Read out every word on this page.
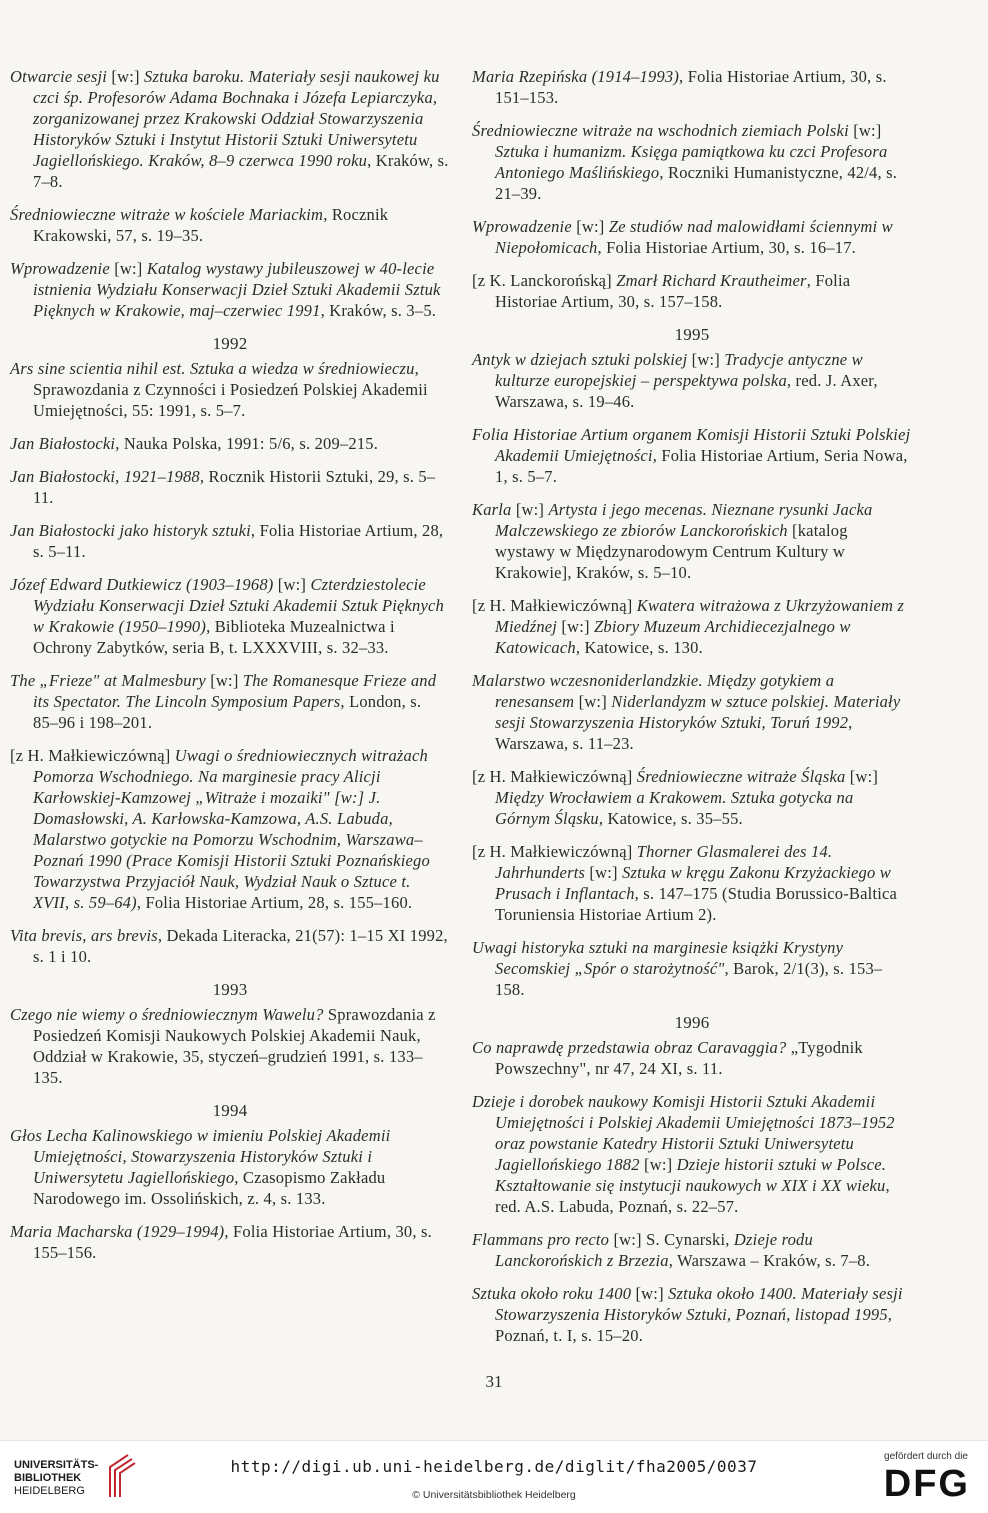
Otwarcie sesji [w:] Sztuka baroku. Materiały sesji naukowej ku czci śp. Profesorów Adama Bochnaka i Józefa Lepiarczyka, zorganizowanej przez Krakowski Oddział Stowarzyszenia Historyków Sztuki i Instytut Historii Sztuki Uniwersytetu Jagiellońskiego. Kraków, 8–9 czerwca 1990 roku, Kraków, s. 7–8.

Średniowieczne witraże w kościele Mariackim, Rocznik Krakowski, 57, s. 19–35.

Wprowadzenie [w:] Katalog wystawy jubileuszowej w 40-lecie istnienia Wydziału Konserwacji Dzieł Sztuki Akademii Sztuk Pięknych w Krakowie, maj–czerwiec 1991, Kraków, s. 3–5.

1992

Ars sine scientia nihil est. Sztuka a wiedza w średniowieczu, Sprawozdania z Czynności i Posiedzeń Polskiej Akademii Umiejętności, 55: 1991, s. 5–7.

Jan Białostocki, Nauka Polska, 1991: 5/6, s. 209–215.

Jan Białostocki, 1921–1988, Rocznik Historii Sztuki, 29, s. 5–11.

Jan Białostocki jako historyk sztuki, Folia Historiae Artium, 28, s. 5–11.

Józef Edward Dutkiewicz (1903–1968) [w:] Czterdziestolecie Wydziału Konserwacji Dzieł Sztuki Akademii Sztuk Pięknych w Krakowie (1950–1990), Biblioteka Muzealnictwa i Ochrony Zabytków, seria B, t. LXXXVIII, s. 32–33.

The „Frieze" at Malmesbury [w:] The Romanesque Frieze and its Spectator. The Lincoln Symposium Papers, London, s. 85–96 i 198–201.

[z H. Małkiewiczówną] Uwagi o średniowiecznych witrażach Pomorza Wschodniego. Na marginesie pracy Alicji Karłowskiej-Kamzowej „Witraże i mozaiki" [w:] J. Domasłowski, A. Karłowska-Kamzowa, A.S. Labuda, Malarstwo gotyckie na Pomorzu Wschodnim, Warszawa–Poznań 1990 (Prace Komisji Historii Sztuki Poznańskiego Towarzystwa Przyjaciół Nauk, Wydział Nauk o Sztuce t. XVII, s. 59–64), Folia Historiae Artium, 28, s. 155–160.

Vita brevis, ars brevis, Dekada Literacka, 21(57): 1–15 XI 1992, s. 1 i 10.

1993

Czego nie wiemy o średniowiecznym Wawelu? Sprawozdania z Posiedzeń Komisji Naukowych Polskiej Akademii Nauk, Oddział w Krakowie, 35, styczeń–grudzień 1991, s. 133–135.

1994

Głos Lecha Kalinowskiego w imieniu Polskiej Akademii Umiejętności, Stowarzyszenia Historyków Sztuki i Uniwersytetu Jagiellońskiego, Czasopismo Zakładu Narodowego im. Ossolińskich, z. 4, s. 133.

Maria Macharska (1929–1994), Folia Historiae Artium, 30, s. 155–156.

Maria Rzepińska (1914–1993), Folia Historiae Artium, 30, s. 151–153.

Średniowieczne witraże na wschodnich ziemiach Polski [w:] Sztuka i humanizm. Księga pamiątkowa ku czci Profesora Antoniego Maślińskiego, Roczniki Humanistyczne, 42/4, s. 21–39.

Wprowadzenie [w:] Ze studiów nad malowidłami ściennymi w Niepołomicach, Folia Historiae Artium, 30, s. 16–17.

[z K. Lanckorońską] Zmarł Richard Krautheimer, Folia Historiae Artium, 30, s. 157–158.

1995

Antyk w dziejach sztuki polskiej [w:] Tradycje antyczne w kulturze europejskiej – perspektywa polska, red. J. Axer, Warszawa, s. 19–46.

Folia Historiae Artium organem Komisji Historii Sztuki Polskiej Akademii Umiejętności, Folia Historiae Artium, Seria Nowa, 1, s. 5–7.

Karla [w:] Artysta i jego mecenas. Nieznane rysunki Jacka Malczewskiego ze zbiorów Lanckorońskich [katalog wystawy w Międzynarodowym Centrum Kultury w Krakowie], Kraków, s. 5–10.

[z H. Małkiewiczówną] Kwatera witrażowa z Ukrzyżowaniem z Miedźnej [w:] Zbiory Muzeum Archidiecezjalnego w Katowicach, Katowice, s. 130.

Malarstwo wczesnoniderlandzkie. Między gotykiem a renesansem [w:] Niderlandyzm w sztuce polskiej. Materiały sesji Stowarzyszenia Historyków Sztuki, Toruń 1992, Warszawa, s. 11–23.

[z H. Małkiewiczówną] Średniowieczne witraże Śląska [w:] Między Wrocławiem a Krakowem. Sztuka gotycka na Górnym Śląsku, Katowice, s. 35–55.

[z H. Małkiewiczówną] Thorner Glasmalerei des 14. Jahrhunderts [w:] Sztuka w kręgu Zakonu Krzyżackiego w Prusach i Inflantach, s. 147–175 (Studia Borussico-Baltica Toruniensia Historiae Artium 2).

Uwagi historyka sztuki na marginesie książki Krystyny Secomskiej „Spór o starożytność", Barok, 2/1(3), s. 153–158.

1996

Co naprawdę przedstawia obraz Caravaggia? „Tygodnik Powszechny", nr 47, 24 XI, s. 11.

Dzieje i dorobek naukowy Komisji Historii Sztuki Akademii Umiejętności i Polskiej Akademii Umiejętności 1873–1952 oraz powstanie Katedry Historii Sztuki Uniwersytetu Jagiellońskiego 1882 [w:] Dzieje historii sztuki w Polsce. Kształtowanie się instytucji naukowych w XIX i XX wieku, red. A.S. Labuda, Poznań, s. 22–57.

Flammans pro recto [w:] S. Cynarski, Dzieje rodu Lanckorońskich z Brzezia, Warszawa – Kraków, s. 7–8.

Sztuka około roku 1400 [w:] Sztuka około 1400. Materiały sesji Stowarzyszenia Historyków Sztuki, Poznań, listopad 1995, Poznań, t. I, s. 15–20.

31
UNIVERSITÄTS-
BIBLIOTHEK
HEIDELBERG
http://digi.ub.uni-heidelberg.de/diglit/fha2005/0037
© Universitätsbibliothek Heidelberg
gefördert durch die
DFG
